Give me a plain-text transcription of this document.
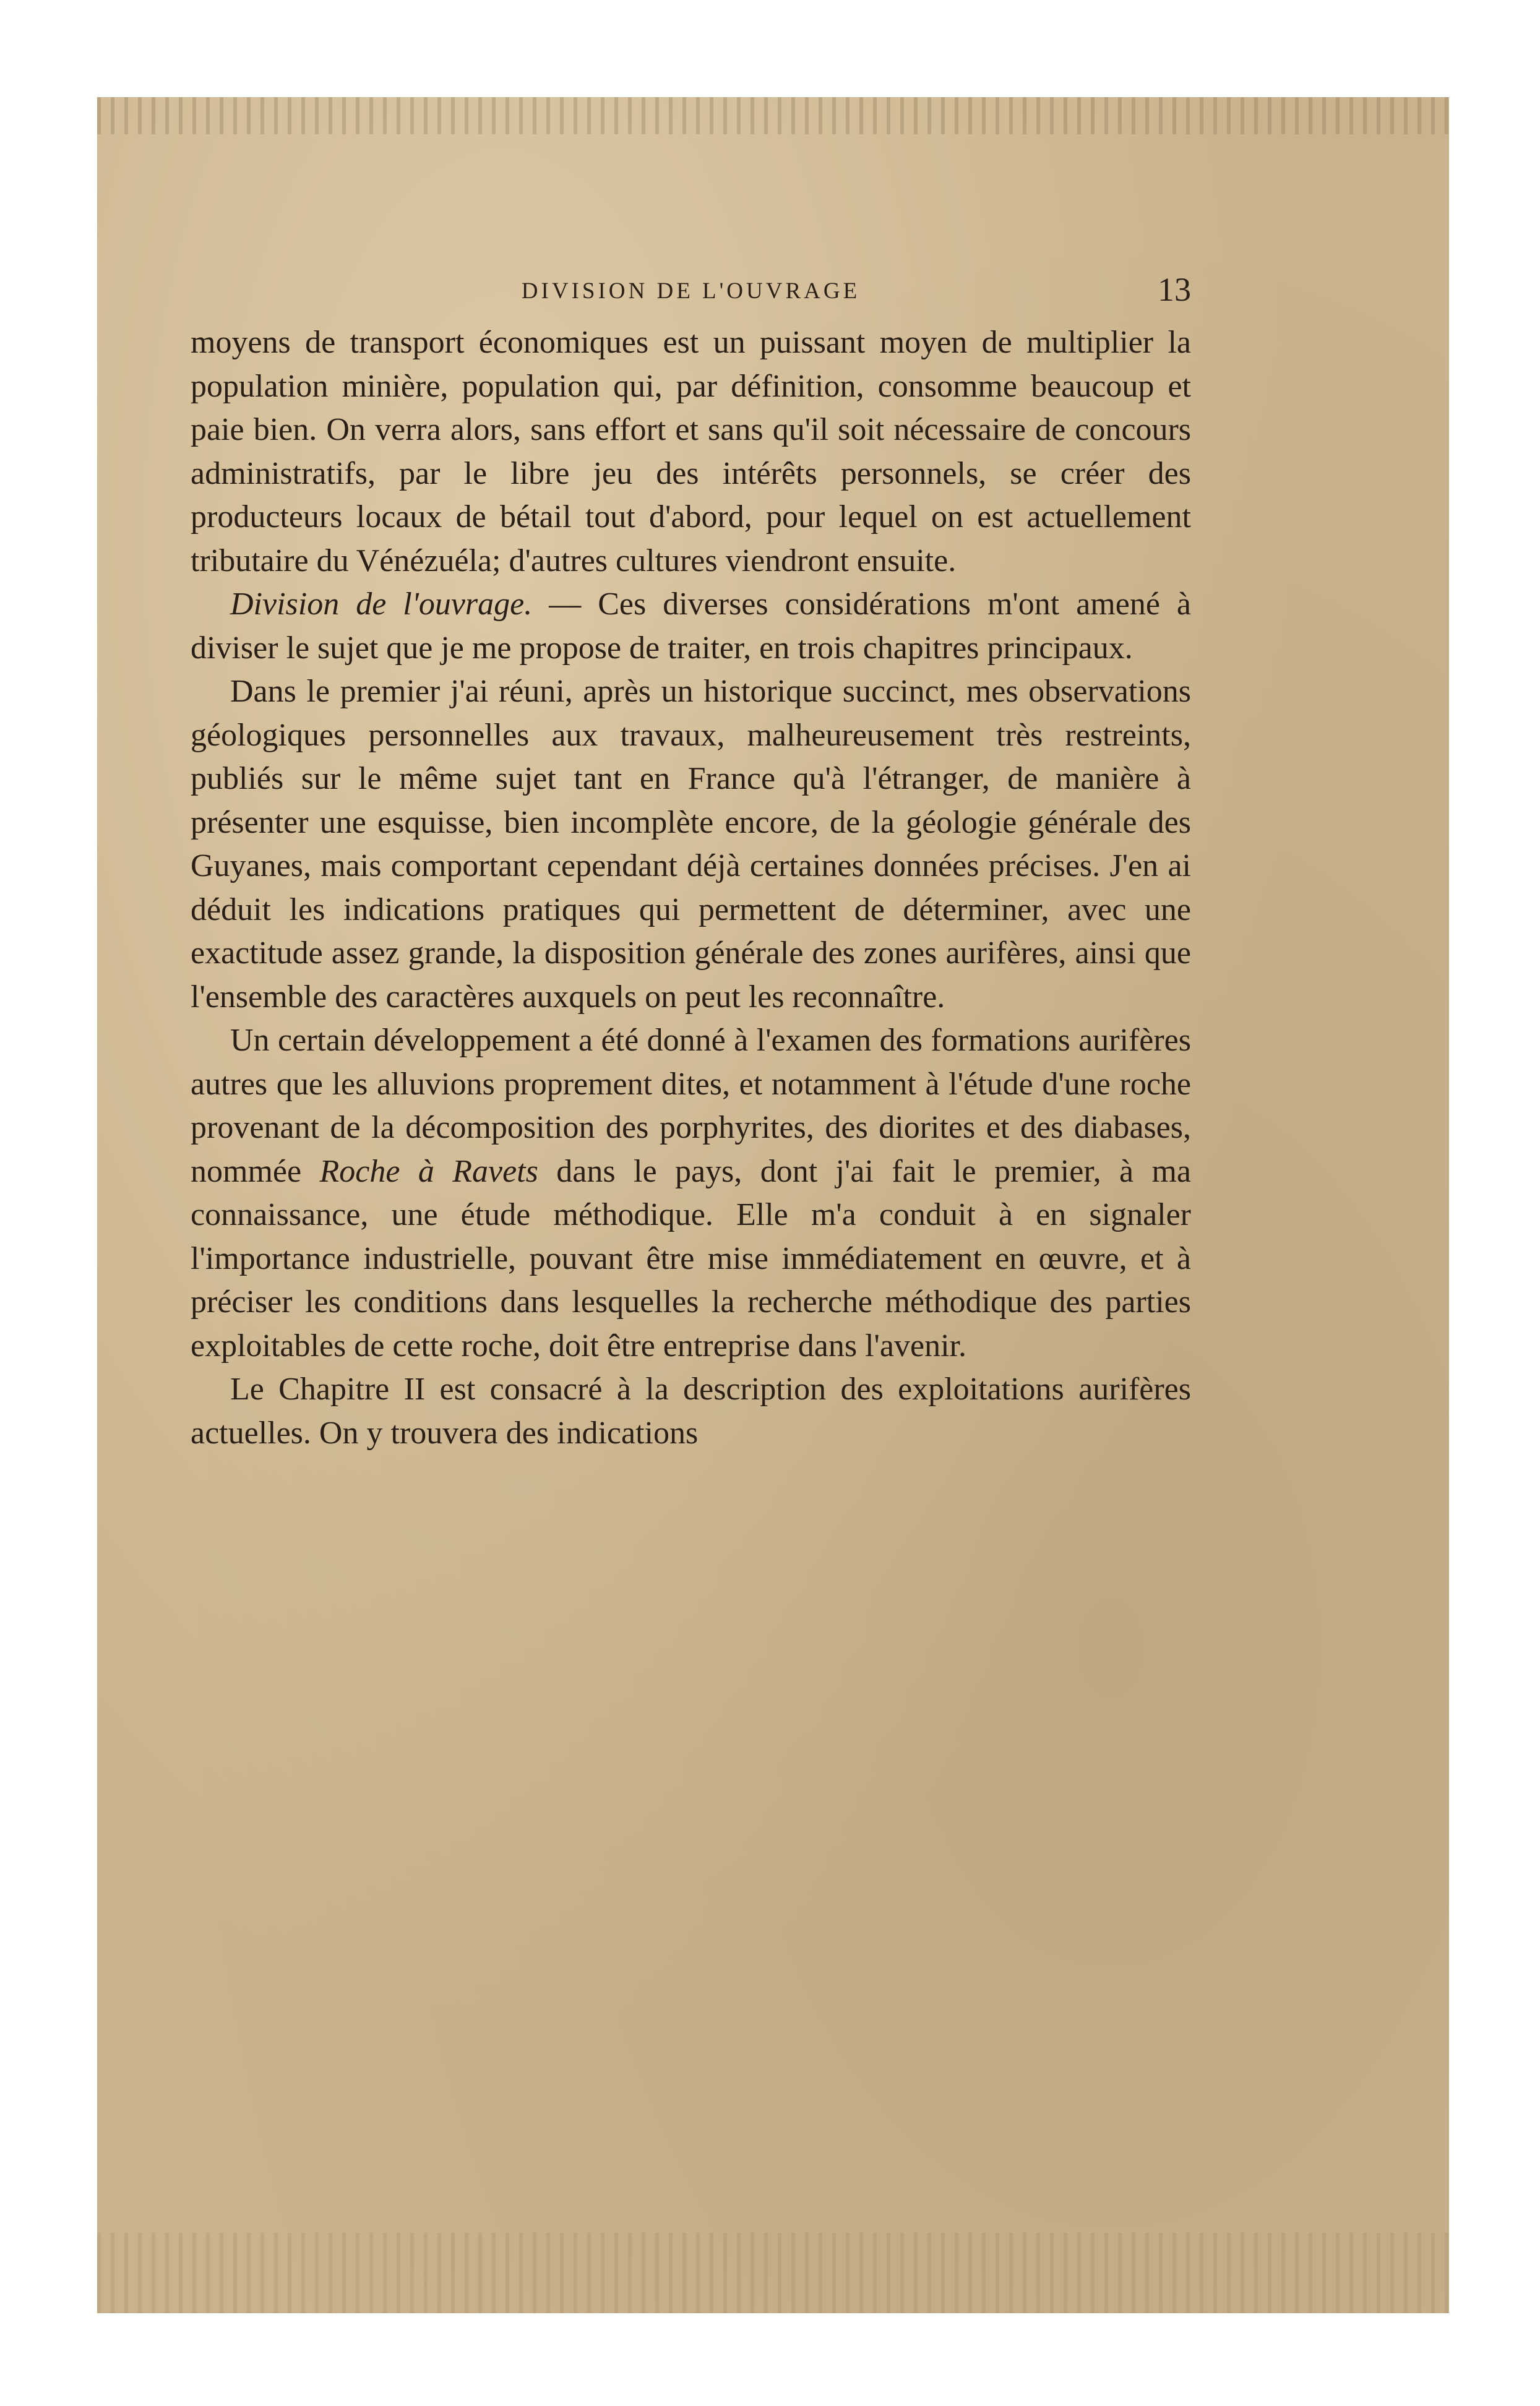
DIVISION DE L'OUVRAGE	13

moyens de transport économiques est un puissant moyen de multiplier la population minière, population qui, par définition, consomme beaucoup et paie bien. On verra alors, sans effort et sans qu'il soit nécessaire de concours administratifs, par le libre jeu des intérêts personnels, se créer des producteurs locaux de bétail tout d'abord, pour lequel on est actuellement tributaire du Vénézuéla; d'autres cultures viendront ensuite.

Division de l'ouvrage. — Ces diverses considérations m'ont amené à diviser le sujet que je me propose de traiter, en trois chapitres principaux.

Dans le premier j'ai réuni, après un historique succinct, mes observations géologiques personnelles aux travaux, malheureusement très restreints, publiés sur le même sujet tant en France qu'à l'étranger, de manière à présenter une esquisse, bien incomplète encore, de la géologie générale des Guyanes, mais comportant cependant déjà certaines données précises. J'en ai déduit les indications pratiques qui permettent de déterminer, avec une exactitude assez grande, la disposition générale des zones aurifères, ainsi que l'ensemble des caractères auxquels on peut les reconnaître.

Un certain développement a été donné à l'examen des formations aurifères autres que les alluvions proprement dites, et notamment à l'étude d'une roche provenant de la décomposition des porphyrites, des diorites et des diabases, nommée Roche à Ravets dans le pays, dont j'ai fait le premier, à ma connaissance, une étude méthodique. Elle m'a conduit à en signaler l'importance industrielle, pouvant être mise immédiatement en œuvre, et à préciser les conditions dans lesquelles la recherche méthodique des parties exploitables de cette roche, doit être entreprise dans l'avenir.

Le Chapitre II est consacré à la description des exploitations aurifères actuelles. On y trouvera des indications
